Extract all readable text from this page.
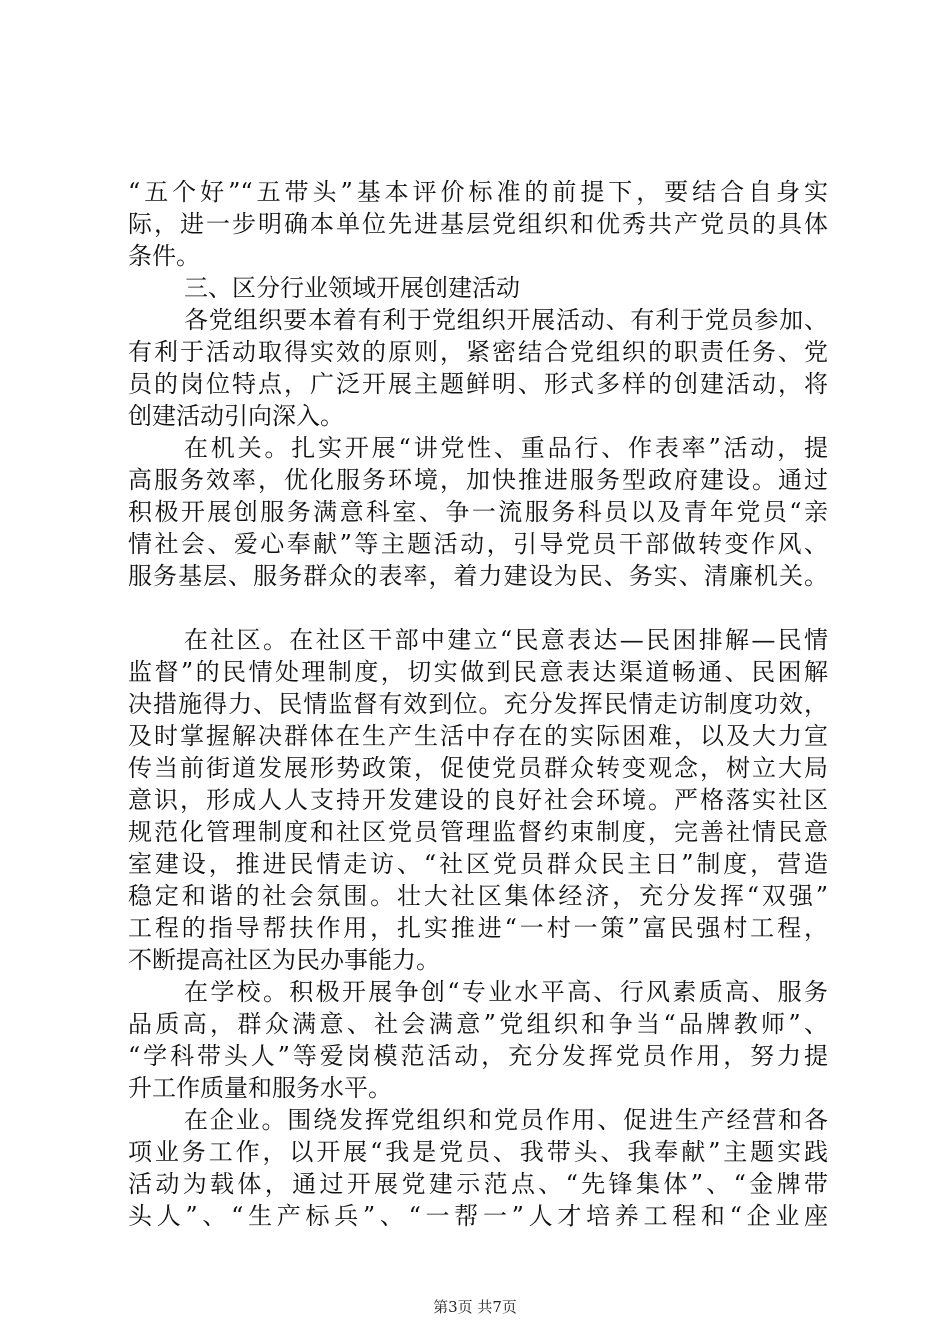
“五个好”“五带头”基本评价标准的前提下，要结合自身实
际，进一步明确本单位先进基层党组织和优秀共产党员的具体
条件。
三、区分行业领域开展创建活动
各党组织要本着有利于党组织开展活动、有利于党员参加、
有利于活动取得实效的原则，紧密结合党组织的职责任务、党
员的岗位特点，广泛开展主题鲜明、形式多样的创建活动，将
创建活动引向深入。
在机关。扎实开展“讲党性、重品行、作表率”活动，提
高服务效率，优化服务环境，加快推进服务型政府建设。通过
积极开展创服务满意科室、争一流服务科员以及青年党员“亲
情社会、爱心奉献”等主题活动，引导党员干部做转变作风、
服务基层、服务群众的表率，着力建设为民、务实、清廉机关。
在社区。在社区干部中建立“民意表达—民困排解—民情
监督”的民情处理制度，切实做到民意表达渠道畅通、民困解
决措施得力、民情监督有效到位。充分发挥民情走访制度功效，
及时掌握解决群体在生产生活中存在的实际困难，以及大力宣
传当前街道发展形势政策，促使党员群众转变观念，树立大局
意识，形成人人支持开发建设的良好社会环境。严格落实社区
规范化管理制度和社区党员管理监督约束制度，完善社情民意
室建设，推进民情走访、“社区党员群众民主日”制度，营造
稳定和谐的社会氛围。壮大社区集体经济，充分发挥“双强”
工程的指导帮扶作用，扎实推进“一村一策”富民强村工程，
不断提高社区为民办事能力。
在学校。积极开展争创“专业水平高、行风素质高、服务
品质高，群众满意、社会满意”党组织和争当“品牌教师”、
“学科带头人”等爱岗模范活动，充分发挥党员作用，努力提
升工作质量和服务水平。
在企业。围绕发挥党组织和党员作用、促进生产经营和各
项业务工作，以开展“我是党员、我带头、我奉献”主题实践
活动为载体，通过开展党建示范点、“先锋集体”、“金牌带
头人”、“生产标兵”、“一帮一”人才培养工程和“企业座
第3页 共7页
